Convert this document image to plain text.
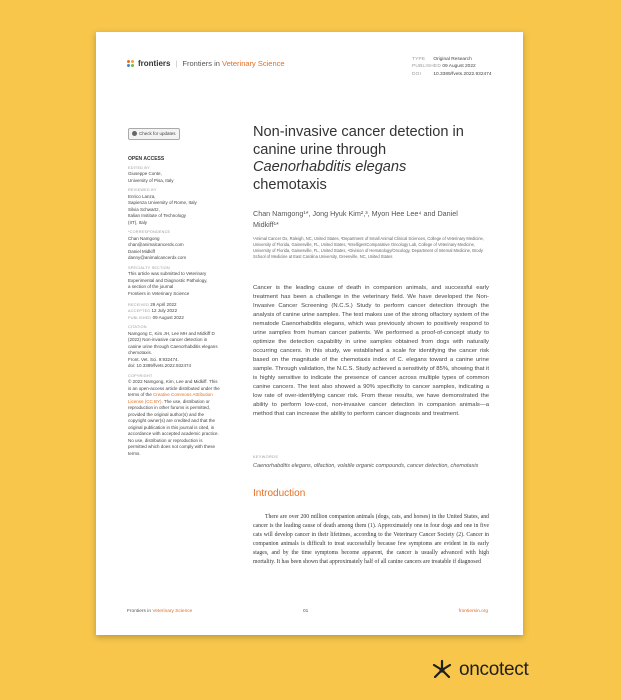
frontiers | Frontiers in Veterinary Science	TYPE Original Research
PUBLISHED 09 August 2022
DOI	10.3389/fvets.2022.932474
Check for updates
OPEN ACCESS
EDITED BY
Giuseppe Conte,
University of Pisa, Italy
REVIEWED BY
Enrico Lanza,
Sapienza University of Rome, Italy
Silvia Schwartz,
Italian Institute of Technology
(IIT), Italy
*CORRESPONDENCE
Chan Namgong
chan@animalcancerdx.com
Daniel Midkiff
danny@animalcancerdx.com
SPECIALTY SECTION
This article was submitted to Veterinary Experimental and Diagnostic Pathology,
a section of the journal
Frontiers in Veterinary Science
RECEIVED 29 April 2022
ACCEPTED 12 July 2022
PUBLISHED 09 August 2022
CITATION
Namgong C, Kim JH, Lee MH and Midkiff D (2022) Non-invasive cancer detection in canine urine through Caenorhabditis elegans chemotaxis.
Front. Vet. Sci. 9:932474.
doi: 10.3389/fvets.2022.932474
COPYRIGHT
© 2022 Namgong, Kim, Lee and Midkiff. This is an open-access article distributed under the terms of the Creative Commons Attribution License (CC BY). The use, distribution or reproduction in other forums is permitted, provided the original author(s) and the copyright owner(s) are credited and that the original publication in this journal is cited, in accordance with accepted academic practice. No use, distribution or reproduction is permitted which does not comply with these terms.
Non-invasive cancer detection in canine urine through Caenorhabditis elegans chemotaxis
Chan Namgong¹*, Jong Hyuk Kim²,³, Myon Hee Lee⁴ and Daniel Midkiff¹*
¹Animal Cancer Dx, Raleigh, NC, United States, ²Department of Small Animal Clinical Sciences, College of Veterinary Medicine, University of Florida, Gainesville, FL, United States, ³IntelligentComparative Oncology Lab, College of Veterinary Medicine, University of Florida, Gainesville, FL, United States, ⁴Division of Hematology/Oncology, Department of Internal Medicine, Brody School of Medicine at East Carolina University, Greenville, NC, United States
Cancer is the leading cause of death in companion animals, and successful early treatment has been a challenge in the veterinary field. We have developed the Non-Invasive Cancer Screening (N.C.S.) Study to perform cancer detection through the analysis of canine urine samples. The test makes use of the strong olfactory system of the nematode Caenorhabditis elegans, which was previously shown to positively respond to urine samples from human cancer patients. We performed a proof-of-concept study to optimize the detection capability in urine samples obtained from dogs with naturally occurring cancers. In this study, we established a scale for identifying the cancer risk based on the magnitude of the chemotaxis index of C. elegans toward a canine urine sample. Through validation, the N.C.S. Study achieved a sensitivity of 85%, showing that it is highly sensitive to indicate the presence of cancer across multiple types of common canine cancers. The test also showed a 90% specificity to cancer samples, indicating a low rate of over-identifying cancer risk. From these results, we have demonstrated the ability to perform low-cost, non-invasive cancer detection in companion animals—a method that can increase the ability to perform cancer diagnosis and treatment.
KEYWORDS
Caenorhabditis elegans, olfaction, volatile organic compounds, cancer detection, chemotaxis
Introduction
There are over 200 million companion animals (dogs, cats, and horses) in the United States, and cancer is the leading cause of death among them (1). Approximately one in four dogs and one in five cats will develop cancer in their lifetimes, according to the Veterinary Cancer Society (2). Cancer in companion animals is difficult to treat successfully because few symptoms are evident in its early stages, and by the time symptoms become apparent, the cancer is usually advanced with high mortality. It has been shown that approximately half of all canine cancers are treatable if diagnosed
Frontiers in Veterinary Science	01	frontiersin.org
oncotect
